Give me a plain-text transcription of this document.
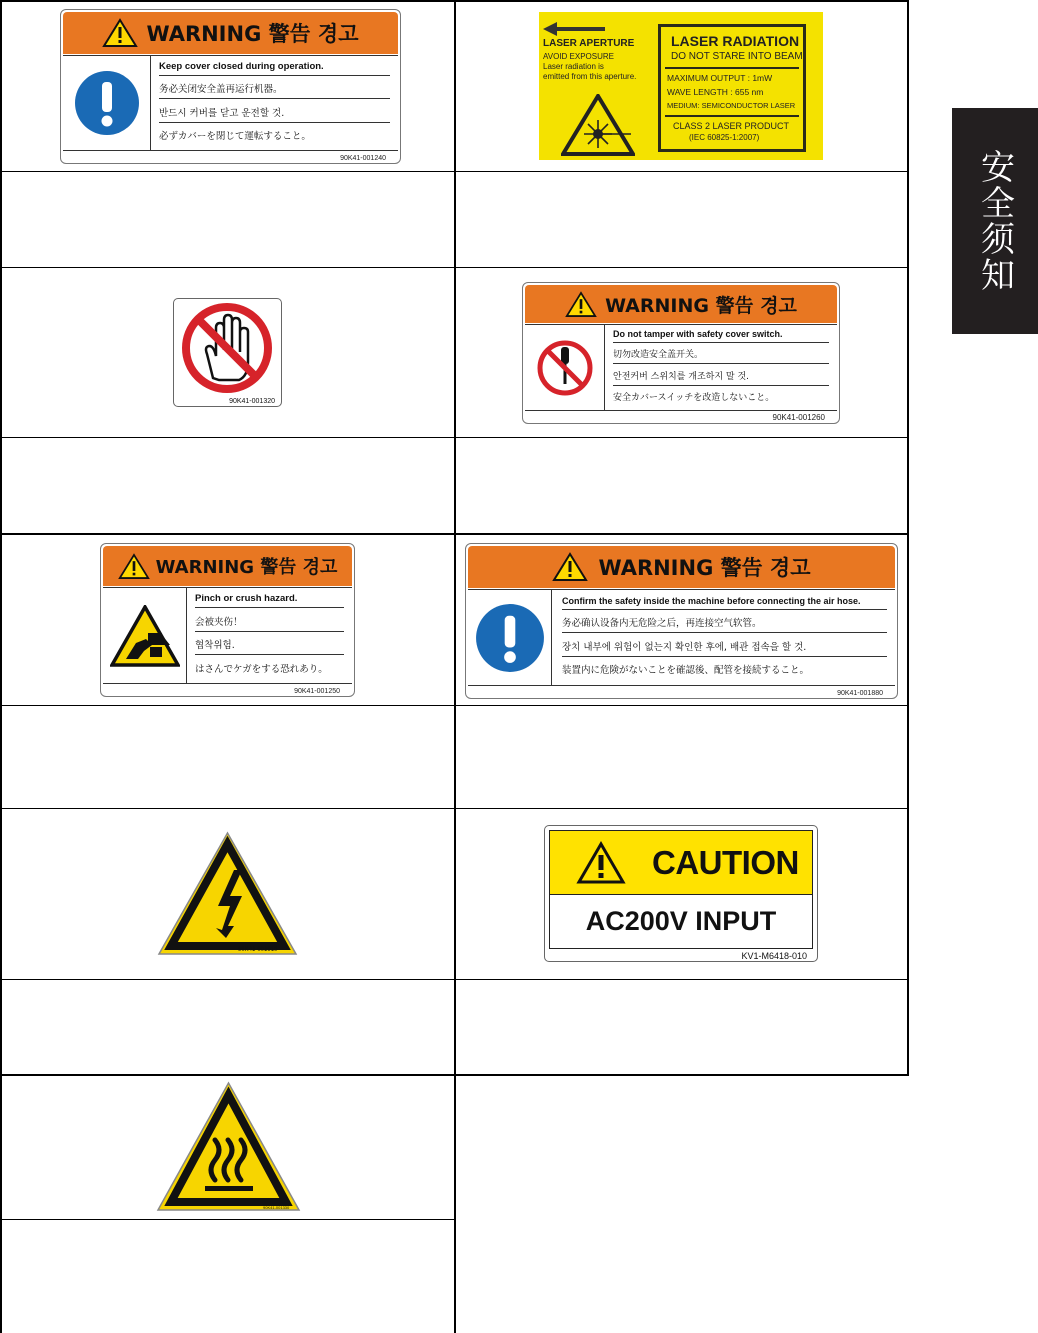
安全须知
WARNING 警告 경고
Keep cover closed during operation.
务必关闭安全盖再运行机器。
반드시 커버를 닫고 운전할 것.
必ずカバーを閉じて運転すること。
90K41-001240
LASER APERTURE
AVOID EXPOSURE
Laser radiation is
emitted from this aperture.
LASER RADIATION
DO NOT STARE INTO BEAM
MAXIMUM OUTPUT : 1mW
WAVE LENGTH : 655 nm
MEDIUM: SEMICONDUCTOR LASER
CLASS 2 LASER PRODUCT
(IEC 60825-1:2007)
90K41-001320
WARNING 警告 경고
Do not tamper with safety cover switch.
切勿改造安全盖开关。
안전커버 스위치를 개조하지 말 것.
安全カバースイッチを改造しないこと。
90K41-001260
WARNING 警告 경고
Pinch or crush hazard.
会被夹伤！
협착위험.
はさんでケガをする恐れあり。
90K41-001250
WARNING 警告 경고
Confirm the safety inside the machine before connecting the air hose.
务必确认设备内无危险之后，再连接空气软管。
장치 내부에 위험이 없는지 확인한 후에, 배관 접속을 할 것.
装置内に危険がないことを確認後、配管を接続すること。
90K41-001880
90K41-001910
CAUTION
AC200V INPUT
KV1-M6418-010
90K41-001330
